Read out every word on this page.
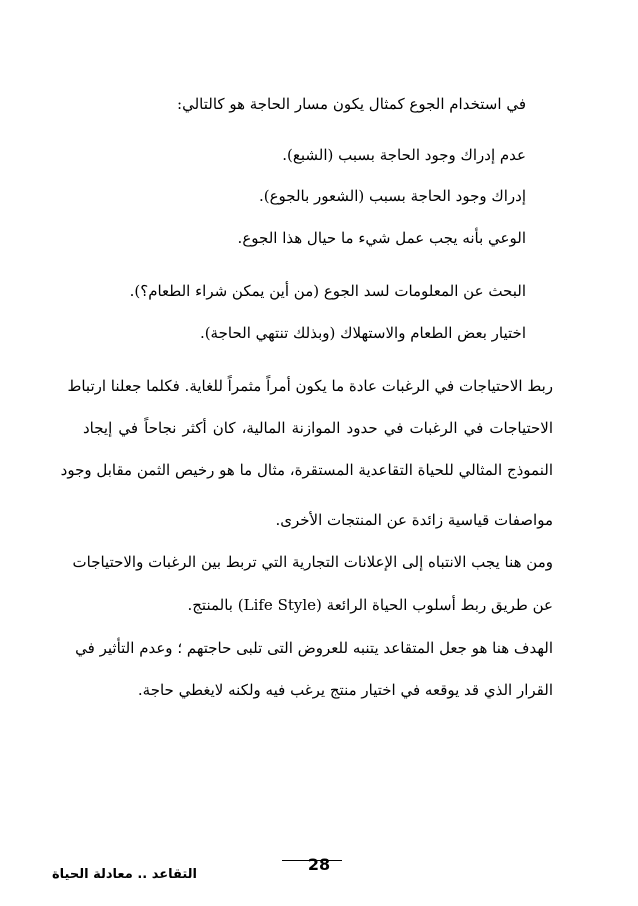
في استخدام الجوع كمثال يكون مسار الحاجة هو كالتالي:
عدم إدراك وجود الحاجة بسبب (الشبع).
إدراك وجود الحاجة بسبب (الشعور بالجوع).
الوعي بأنه يجب عمل شيء ما حيال هذا الجوع.
البحث عن المعلومات لسد الجوع (من أين يمكن شراء الطعام؟).
اختيار بعض الطعام والاستهلاك (وبذلك تنتهي الحاجة).
ربط الاحتياجات في الرغبات عادة ما يكون أمراً مثمراً للغاية. فكلما جعلنا ارتباط
الاحتياجات في الرغبات في حدود الموازنة المالية، كان أكثر نجاحاً في إيجاد
النموذج المثالي للحياة التقاعدية المستقرة، مثال ما هو رخيص الثمن مقابل وجود
مواصفات قياسية زائدة عن المنتجات الأخرى.
ومن هنا يجب الانتباه إلى الإعلانات التجارية التي تربط بين الرغبات والاحتياجات
عن طريق ربط أسلوب الحياة الرائعة (Life Style) بالمنتج.
الهدف هنا هو جعل المتقاعد يتنبه للعروض التى تلبى حاجتهم ؛ وعدم التأثير في
القرار الذي قد يوقعه في اختيار منتج يرغب فيه ولكنه لايغطي حاجة.
28
التقاعد .. معادلة الحياة
